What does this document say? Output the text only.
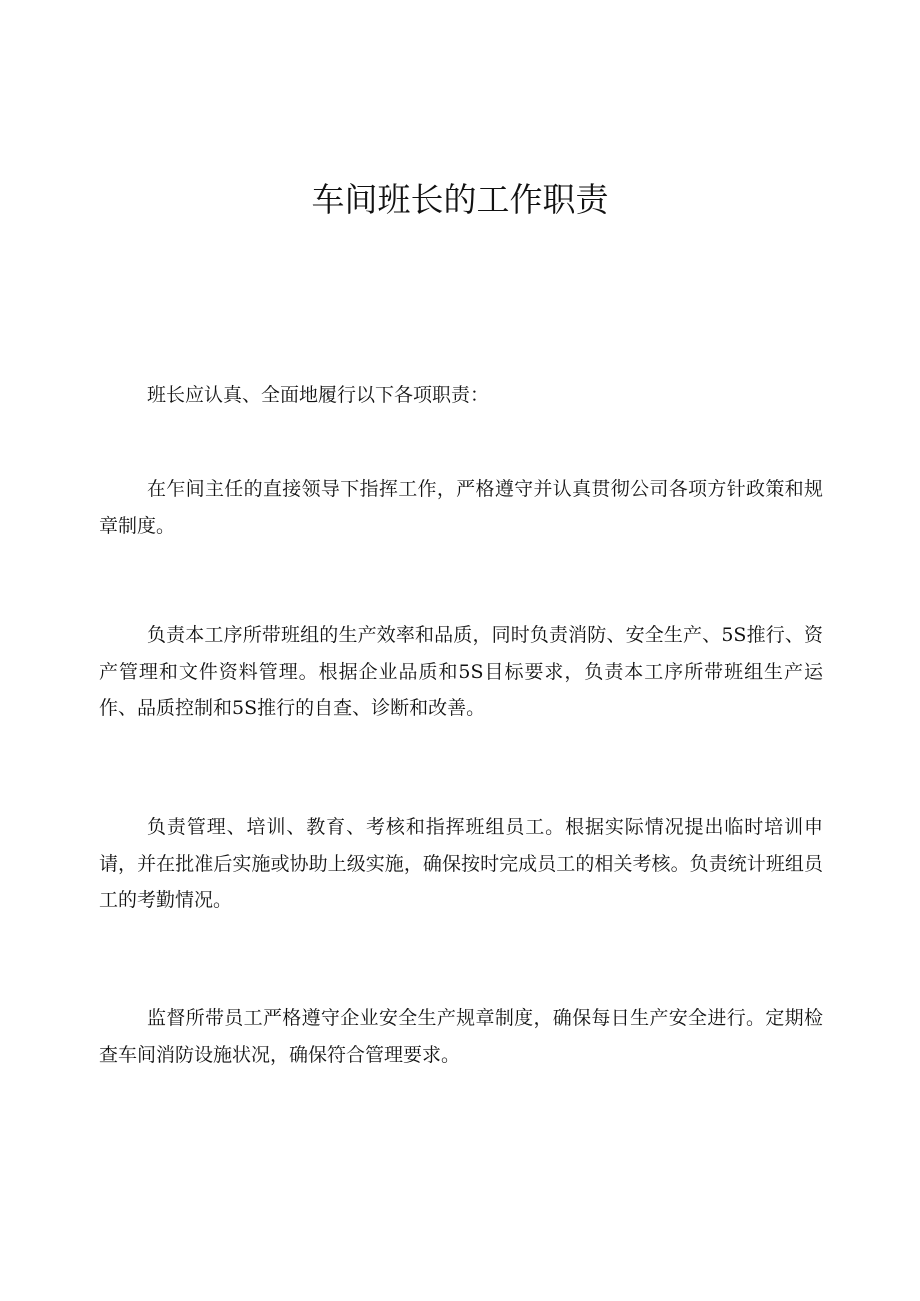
车间班长的工作职责

班长应认真、全面地履行以下各项职责：

在乍间主任的直接领导下指挥工作，严格遵守并认真贯彻公司各项方针政策和规章制度。

负责本工序所带班组的生产效率和品质，同时负责消防、安全生产、5S推行、资产管理和文件资料管理。根据企业品质和5S目标要求，负责本工序所带班组生产运作、品质控制和5S推行的自查、诊断和改善。

负责管理、培训、教育、考核和指挥班组员工。根据实际情况提出临时培训申请，并在批准后实施或协助上级实施，确保按时完成员工的相关考核。负责统计班组员工的考勤情况。

监督所带员工严格遵守企业安全生产规章制度，确保每日生产安全进行。定期检查车间消防设施状况，确保符合管理要求。
